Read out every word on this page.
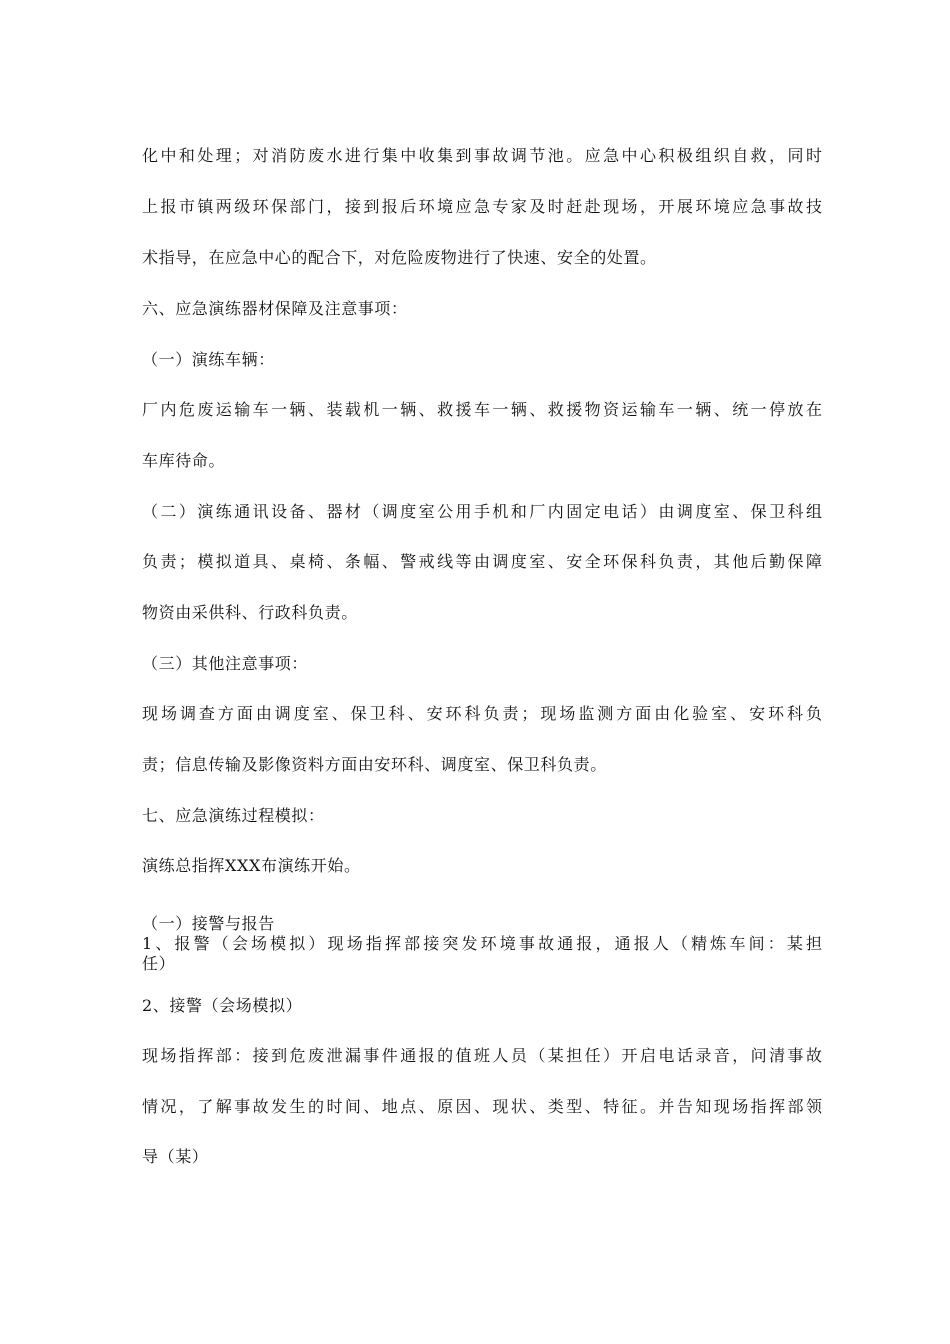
化中和处理；对消防废水进行集中收集到事故调节池。应急中心积极组织自救，同时
上报市镇两级环保部门，接到报后环境应急专家及时赶赴现场，开展环境应急事故技
术指导，在应急中心的配合下，对危险废物进行了快速、安全的处置。
六、应急演练器材保障及注意事项：
（一）演练车辆：
厂内危废运输车一辆、装载机一辆、救援车一辆、救援物资运输车一辆、统一停放在
车库待命。
（二）演练通讯设备、器材（调度室公用手机和厂内固定电话）由调度室、保卫科组
负责；模拟道具、桌椅、条幅、警戒线等由调度室、安全环保科负责，其他后勤保障
物资由采供科、行政科负责。
（三）其他注意事项：
现场调查方面由调度室、保卫科、安环科负责；现场监测方面由化验室、安环科负
责；信息传输及影像资料方面由安环科、调度室、保卫科负责。
七、应急演练过程模拟：
演练总指挥XXX布演练开始。
（一）接警与报告
1、报警（会场模拟）现场指挥部接突发环境事故通报，通报人（精炼车间：某担
任）
2、接警（会场模拟）
现场指挥部：接到危废泄漏事件通报的值班人员（某担任）开启电话录音，问清事故
情况，了解事故发生的时间、地点、原因、现状、类型、特征。并告知现场指挥部领
导（某）
